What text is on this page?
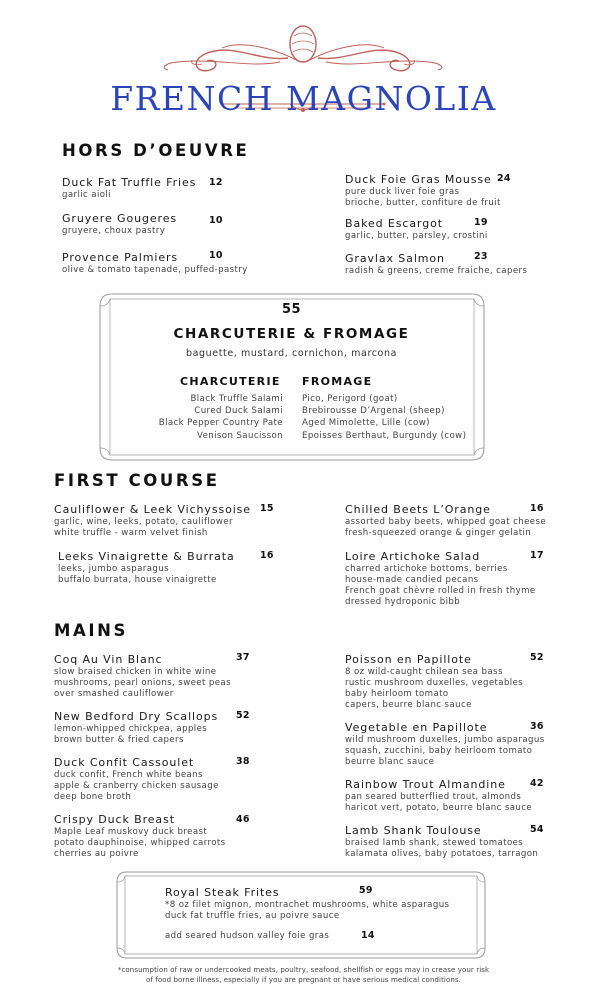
FRENCH MAGNOLIA
HORS D’OEUVRE
Duck Fat Truffle Fries
garlic aioli
12
Gruyere Gougeres
gruyere, choux pastry
10
Provence Palmiers
olive & tomato tapenade, puffed-pastry
10
Duck Foie Gras Mousse
pure duck liver foie gras
brioche, butter, confiture de fruit
24
Baked Escargot
garlic, butter, parsley, crostini
19
Gravlax Salmon
radish & greens, creme fraiche, capers
23
55
CHARCUTERIE & FROMAGE
baguette, mustard, cornichon, marcona
CHARCUTERIE FROMAGE
Black Truffle Salami
Cured Duck Salami
Black Pepper Country Pate
Venison Saucisson
Pico, Perigord (goat)
Brebirousse D’Argenal (sheep)
Aged Mimolette, Lille (cow)
Epoisses Berthaut, Burgundy (cow)
FIRST COURSE
Cauliflower & Leek Vichyssoise
garlic, wine, leeks, potato, cauliflower
white truffle - warm velvet finish
15
Leeks Vinaigrette & Burrata
leeks, jumbo asparagus
buffalo burrata, house vinaigrette
16
Chilled Beets L’Orange
assorted baby beets, whipped goat cheese
fresh-squeezed orange & ginger gelatin
16
Loire Artichoke Salad
charred artichoke bottoms, berries
house-made candied pecans
French goat chèvre rolled in fresh thyme
dressed hydroponic bibb
17
MAINS
Coq Au Vin Blanc
slow braised chicken in white wine
mushrooms, pearl onions, sweet peas
over smashed cauliflower
37
New Bedford Dry Scallops
lemon-whipped chickpea, apples
brown butter & fried capers
52
Duck Confit Cassoulet
duck confit, French white beans
apple & cranberry chicken sausage
deep bone broth
38
Crispy Duck Breast
Maple Leaf muskovy duck breast
potato dauphinoise, whipped carrots
cherries au poivre
46
Poisson en Papillote
8 oz wild-caught chilean sea bass
rustic mushroom duxelles, vegetables
baby heirloom tomato
capers, beurre blanc sauce
52
Vegetable en Papillote
wild mushroom duxelles, jumbo asparagus
squash, zucchini, baby heirloom tomato
beurre blanc sauce
36
Rainbow Trout Almandine
pan seared butterflied trout, almonds
haricot vert, potato, beurre blanc sauce
42
Lamb Shank Toulouse
braised lamb shank, stewed tomatoes
kalamata olives, baby potatoes, tarragon
54
Royal Steak Frites
*8 oz filet mignon, montrachet mushrooms, white asparagus
duck fat truffle fries, au poivre sauce
add seared hudson valley foie gras
59
14
*consumption of raw or undercooked meats, poultry, seafood, shellfish or eggs may in crease your risk
of food borne illness, especially if you are pregnant or have serious medical conditions.
